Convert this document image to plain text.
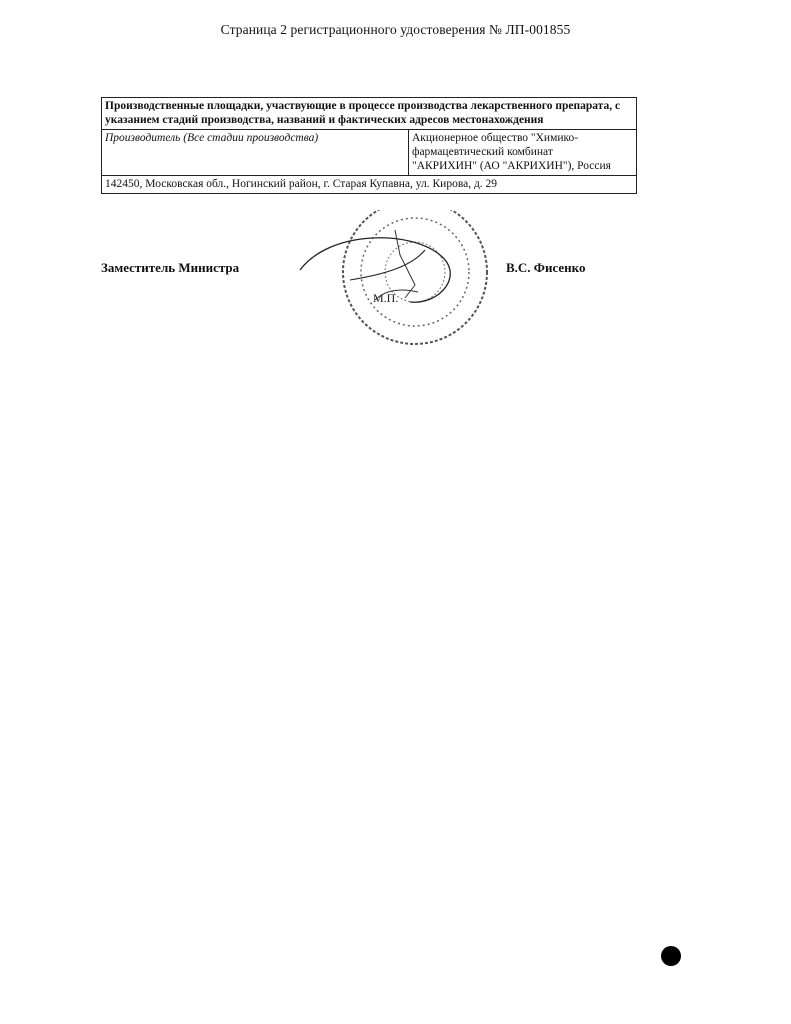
Страница 2 регистрационного удостоверения № ЛП-001855
Производственные площадки, участвующие в процессе производства лекарственного препарата, с указанием стадий производства, названий и фактических адресов местонахождения
Производитель (Все стадии производства)	Акционерное общество "Химико-
фармацевтический комбинат
"АКРИХИН" (АО "АКРИХИН"), Россия

142450, Московская обл., Ногинский район, г. Старая Купавна, ул. Кирова, д. 29
Заместитель Министра	В.С. Фисенко
М.П.
